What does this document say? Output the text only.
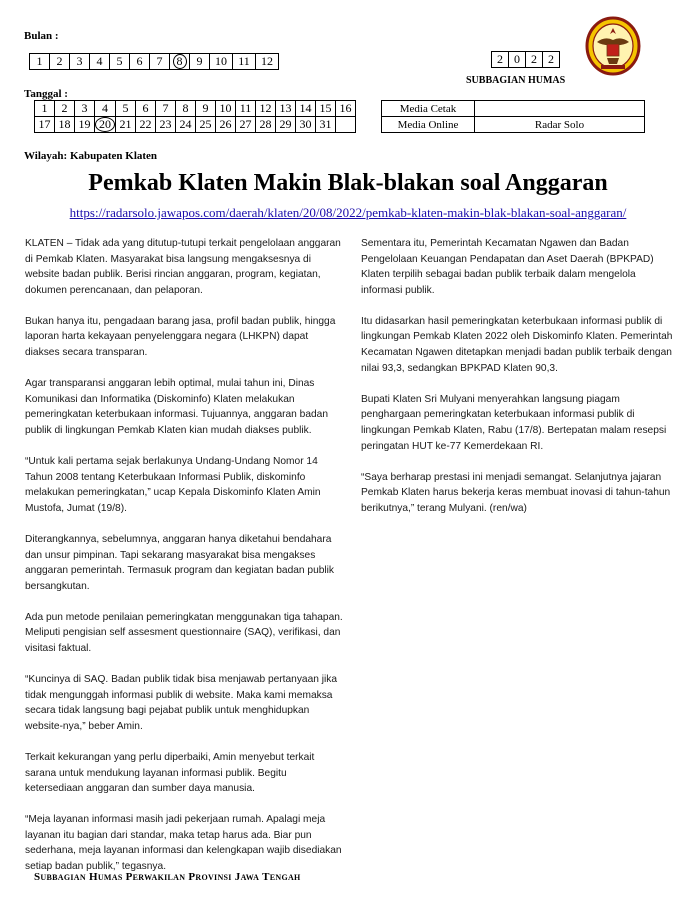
Bulan :
1	2	3	4	5	6	7	8	9	10	11	12	2	0	2	2
SUBBAGIAN HUMAS
Tanggal :
1	2	3	4	5	6	7	8	9	10	11	12	13	14	15	16
17	18	19	20	21	22	23	24	25	26	27	28	29	30	31	
Media Cetak	
Media Online	Radar Solo
Wilayah: Kabupaten Klaten
Pemkab Klaten Makin Blak-blakan soal Anggaran
https://radarsolo.jawapos.com/daerah/klaten/20/08/2022/pemkab-klaten-makin-blak-blakan-soal-anggaran/

KLATEN – Tidak ada yang ditutup-tutupi terkait pengelolaan anggaran di Pemkab Klaten. Masyarakat bisa langsung mengaksesnya di website badan publik. Berisi rincian anggaran, program, kegiatan, dokumen perencanaan, dan pelaporan.

Bukan hanya itu, pengadaan barang jasa, profil badan publik, hingga laporan harta kekayaan penyelenggara negara (LHKPN) dapat diakses secara transparan.

Agar transparansi anggaran lebih optimal, mulai tahun ini, Dinas Komunikasi dan Informatika (Diskominfo) Klaten melakukan pemeringkatan keterbukaan informasi. Tujuannya, anggaran badan publik di lingkungan Pemkab Klaten kian mudah diakses publik.

“Untuk kali pertama sejak berlakunya Undang-Undang Nomor 14 Tahun 2008 tentang Keterbukaan Informasi Publik, diskominfo melakukan pemeringkatan,” ucap Kepala Diskominfo Klaten Amin Mustofa, Jumat (19/8).

Diterangkannya, sebelumnya, anggaran hanya diketahui bendahara dan unsur pimpinan. Tapi sekarang masyarakat bisa mengakses anggaran pemerintah. Termasuk program dan kegiatan badan publik bersangkutan.

Ada pun metode penilaian pemeringkatan menggunakan tiga tahapan. Meliputi pengisian self assesment questionnaire (SAQ), verifikasi, dan visitasi faktual.

“Kuncinya di SAQ. Badan publik tidak bisa menjawab pertanyaan jika tidak mengunggah informasi publik di website. Maka kami memaksa secara tidak langsung bagi pejabat publik untuk menghidupkan website-nya,” beber Amin.

Terkait kekurangan yang perlu diperbaiki, Amin menyebut terkait sarana untuk mendukung layanan informasi publik. Begitu ketersediaan anggaran dan sumber daya manusia.

“Meja layanan informasi masih jadi pekerjaan rumah. Apalagi meja layanan itu bagian dari standar, maka tetap harus ada. Biar pun sederhana, meja layanan informasi dan kelengkapan wajib disediakan setiap badan publik,” tegasnya.

Sementara itu, Pemerintah Kecamatan Ngawen dan Badan Pengelolaan Keuangan Pendapatan dan Aset Daerah (BPKPAD) Klaten terpilih sebagai badan publik terbaik dalam mengelola informasi publik.

Itu didasarkan hasil pemeringkatan keterbukaan informasi publik di lingkungan Pemkab Klaten 2022 oleh Diskominfo Klaten. Pemerintah Kecamatan Ngawen ditetapkan menjadi badan publik terbaik dengan nilai 93,3, sedangkan BPKPAD Klaten 90,3.

Bupati Klaten Sri Mulyani menyerahkan langsung piagam penghargaan pemeringkatan keterbukaan informasi publik di lingkungan Pemkab Klaten, Rabu (17/8). Bertepatan malam resepsi peringatan HUT ke-77 Kemerdekaan RI.

“Saya berharap prestasi ini menjadi semangat. Selanjutnya jajaran Pemkab Klaten harus bekerja keras membuat inovasi di tahun-tahun berikutnya,” terang Mulyani. (ren/wa)

Subbagian Humas Perwakilan Provinsi Jawa Tengah
